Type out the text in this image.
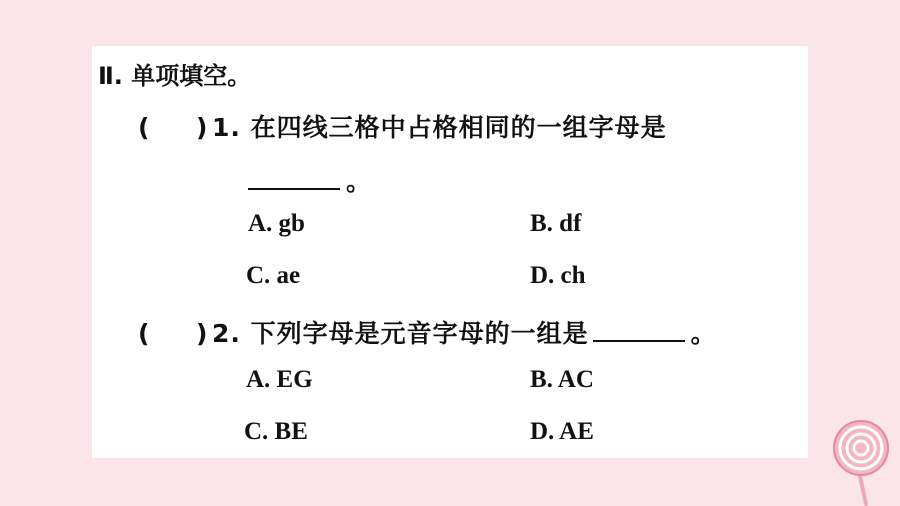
Ⅱ. 单项填空。
( ) 1. 在四线三格中占格相同的一组字母是
。
A. gb	B. df
C. ae	D. ch
( ) 2. 下列字母是元音字母的一组是	。
A. EG	B. AC
C. BE	D. AE
